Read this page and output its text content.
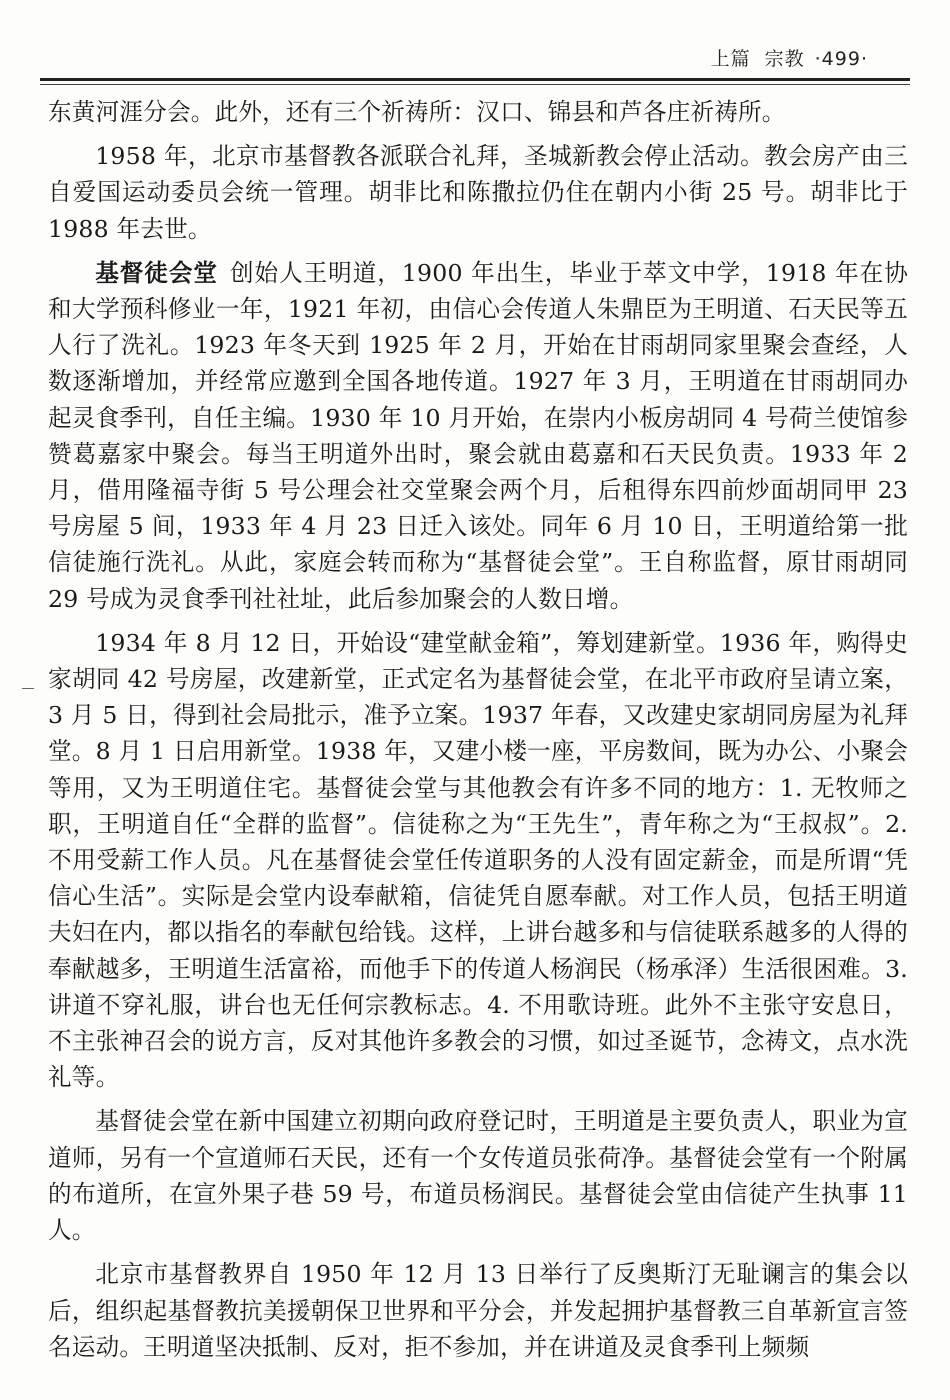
上篇 宗教 ·499·

东黄河涯分会。此外，还有三个祈祷所：汉口、锦县和芦各庄祈祷所。

1958 年，北京市基督教各派联合礼拜，圣城新教会停止活动。教会房产由三自爱国运动委员会统一管理。胡非比和陈撒拉仍住在朝内小街 25 号。胡非比于 1988 年去世。

基督徒会堂 创始人王明道，1900 年出生，毕业于萃文中学，1918 年在协和大学预科修业一年，1921 年初，由信心会传道人朱鼎臣为王明道、石天民等五人行了洗礼。1923 年冬天到 1925 年 2 月，开始在甘雨胡同家里聚会查经，人数逐渐增加，并经常应邀到全国各地传道。1927 年 3 月，王明道在甘雨胡同办起灵食季刊，自任主编。1930 年 10 月开始，在崇内小板房胡同 4 号荷兰使馆参赞葛嘉家中聚会。每当王明道外出时，聚会就由葛嘉和石天民负责。1933 年 2 月，借用隆福寺街 5 号公理会社交堂聚会两个月，后租得东四前炒面胡同甲 23 号房屋 5 间，1933 年 4 月 23 日迁入该处。同年 6 月 10 日，王明道给第一批信徒施行洗礼。从此，家庭会转而称为“基督徒会堂”。王自称监督，原甘雨胡同 29 号成为灵食季刊社社址，此后参加聚会的人数日增。

1934 年 8 月 12 日，开始设“建堂献金箱”，筹划建新堂。1936 年，购得史家胡同 42 号房屋，改建新堂，正式定名为基督徒会堂，在北平市政府呈请立案，3 月 5 日，得到社会局批示，准予立案。1937 年春，又改建史家胡同房屋为礼拜堂。8 月 1 日启用新堂。1938 年，又建小楼一座，平房数间，既为办公、小聚会等用，又为王明道住宅。基督徒会堂与其他教会有许多不同的地方：1. 无牧师之职，王明道自任“全群的监督”。信徒称之为“王先生”，青年称之为“王叔叔”。2. 不用受薪工作人员。凡在基督徒会堂任传道职务的人没有固定薪金，而是所谓“凭信心生活”。实际是会堂内设奉献箱，信徒凭自愿奉献。对工作人员，包括王明道夫妇在内，都以指名的奉献包给钱。这样，上讲台越多和与信徒联系越多的人得的奉献越多，王明道生活富裕，而他手下的传道人杨润民（杨承泽）生活很困难。3. 讲道不穿礼服，讲台也无任何宗教标志。4. 不用歌诗班。此外不主张守安息日，不主张神召会的说方言，反对其他许多教会的习惯，如过圣诞节，念祷文，点水洗礼等。

基督徒会堂在新中国建立初期向政府登记时，王明道是主要负责人，职业为宣道师，另有一个宣道师石天民，还有一个女传道员张荷净。基督徒会堂有一个附属的布道所，在宣外果子巷 59 号，布道员杨润民。基督徒会堂由信徒产生执事 11 人。

北京市基督教界自 1950 年 12 月 13 日举行了反奥斯汀无耻谰言的集会以后，组织起基督教抗美援朝保卫世界和平分会，并发起拥护基督教三自革新宣言签名运动。王明道坚决抵制、反对，拒不参加，并在讲道及灵食季刊上频频
